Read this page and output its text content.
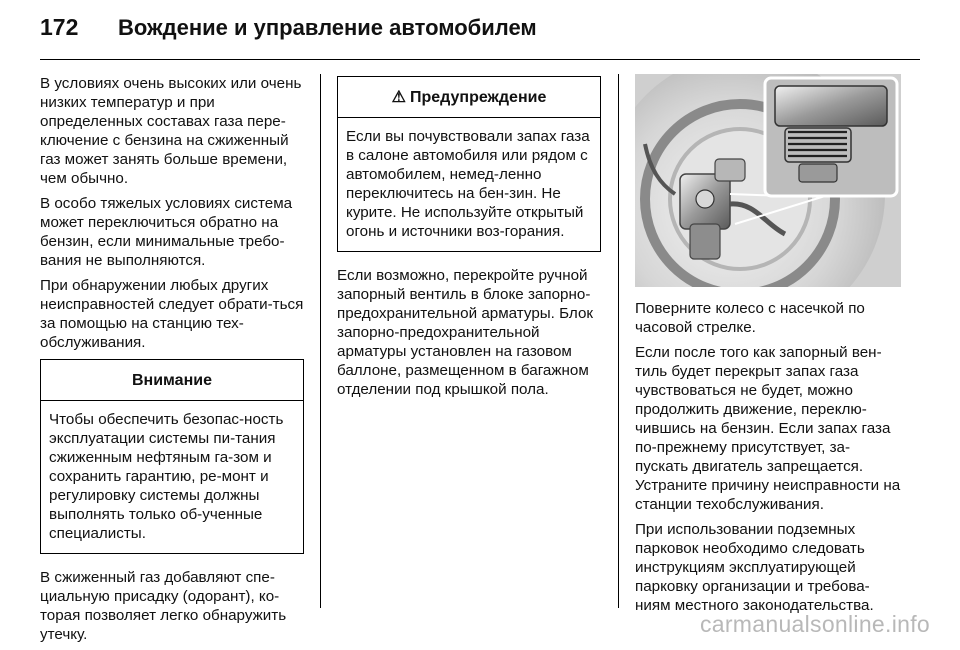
172	Вождение и управление автомобилем

В условиях очень высоких или очень низких температур и при определенных составах газа пере-ключение с бензина на сжиженный газ может занять больше времени, чем обычно.

В особо тяжелых условиях система может переключиться обратно на бензин, если минимальные требо-вания не выполняются.

При обнаружении любых других неисправностей следует обрати-ться за помощью на станцию тех-обслуживания.

Внимание

Чтобы обеспечить безопас-ность эксплуатации системы пи-тания сжиженным нефтяным га-зом и сохранить гарантию, ре-монт и регулировку системы должны выполнять только об-ученные специалисты.

В сжиженный газ добавляют спе-циальную присадку (одорант), ко-торая позволяет легко обнаружить утечку.

⚠ Предупреждение

Если вы почувствовали запах газа в салоне автомобиля или рядом с автомобилем, немед-ленно переключитесь на бен-зин. Не курите. Не используйте открытый огонь и источники воз-горания.

Если возможно, перекройте ручной запорный вентиль в блоке запорно-предохранительной арматуры. Блок запорно-предохранительной арматуры установлен на газовом баллоне, размещенном в багажном отделении под крышкой пола.

Поверните колесо с насечкой по часовой стрелке.

Если после того как запорный вен-тиль будет перекрыт запах газа чувствоваться не будет, можно продолжить движение, переклю-чившись на бензин. Если запах газа по-прежнему присутствует, за-пускать двигатель запрещается. Устраните причину неисправности на станции техобслуживания.

При использовании подземных парковок необходимо следовать инструкциям эксплуатирующей парковку организации и требова-ниям местного законодательства.

carmanualsonline.info
